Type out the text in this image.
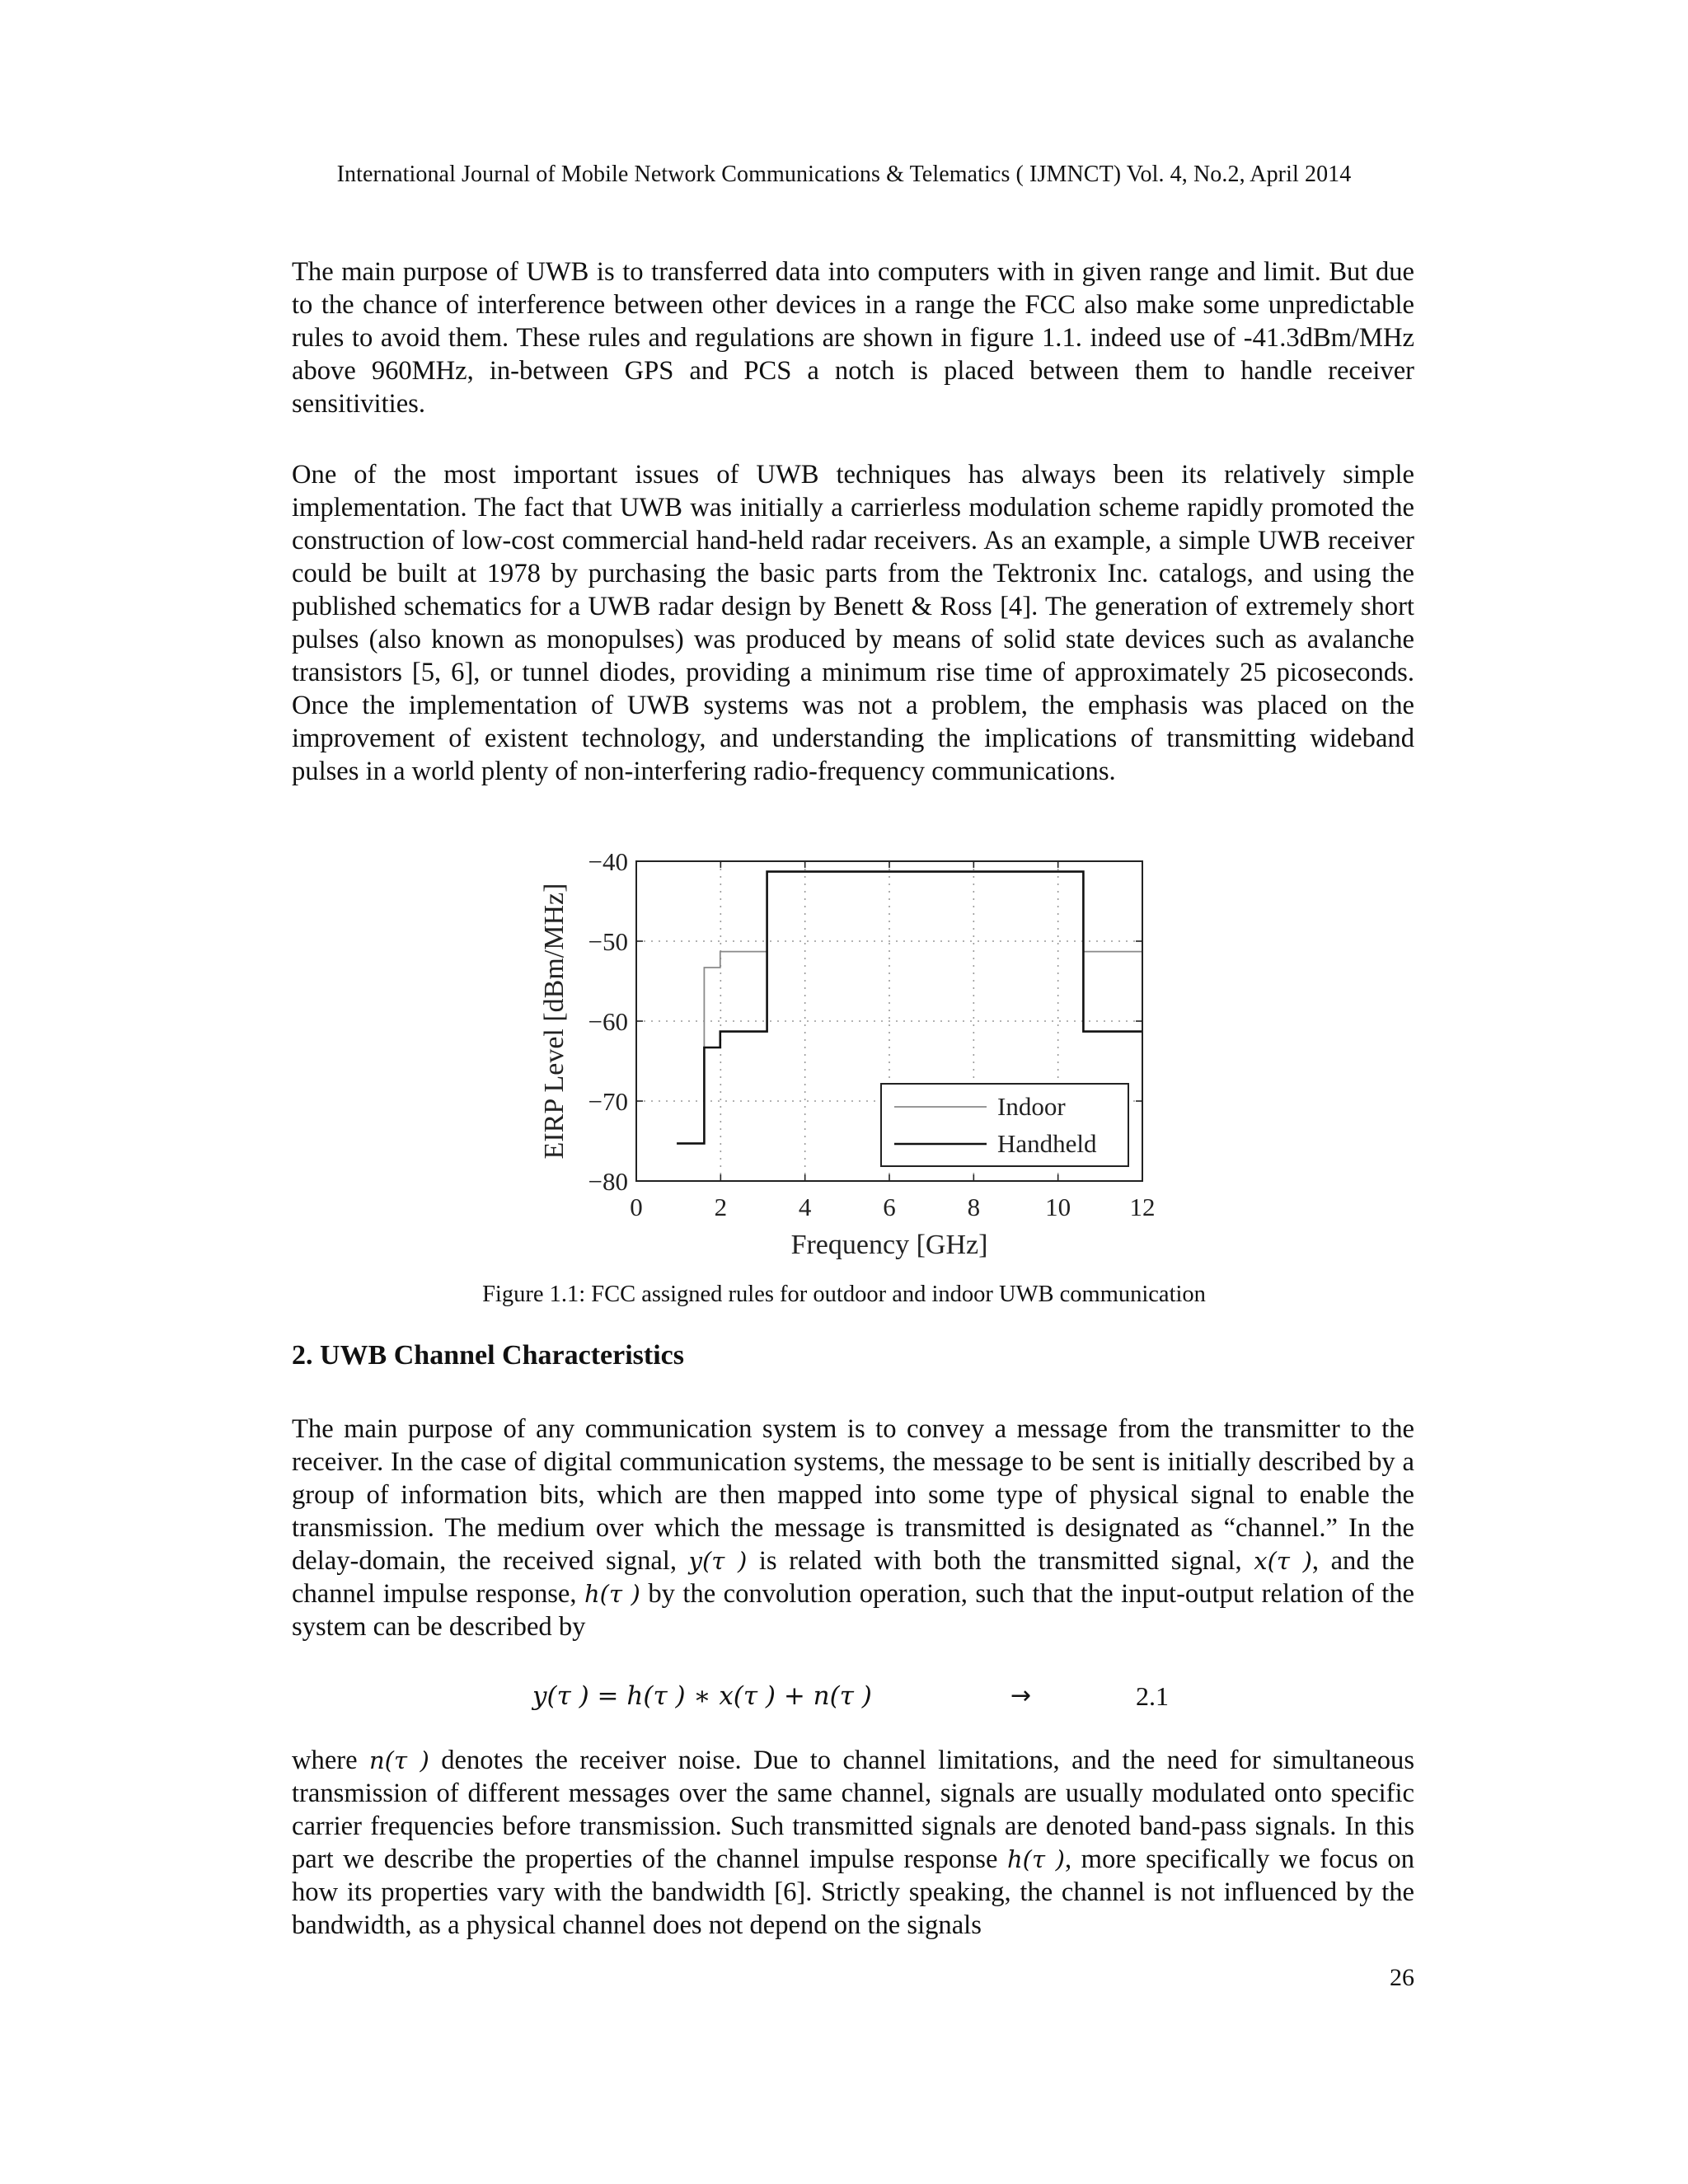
International Journal of Mobile Network Communications & Telematics ( IJMNCT) Vol. 4, No.2, April 2014

The main purpose of UWB is to transferred data into computers with in given range and limit. But due to the chance of interference between other devices in a range the FCC also make some unpredictable rules to avoid them. These rules and regulations are shown in figure 1.1. indeed use of -41.3dBm/MHz above 960MHz, in-between GPS and PCS a notch is placed between them to handle receiver sensitivities.

One of the most important issues of UWB techniques has always been its relatively simple implementation. The fact that UWB was initially a carrierless modulation scheme rapidly promoted the construction of low-cost commercial hand-held radar receivers. As an example, a simple UWB receiver could be built at 1978 by purchasing the basic parts from the Tektronix Inc. catalogs, and using the published schematics for a UWB radar design by Benett & Ross [4]. The generation of extremely short pulses (also known as monopulses) was produced by means of solid state devices such as avalanche transistors [5, 6], or tunnel diodes, providing a minimum rise time of approximately 25 picoseconds. Once the implementation of UWB systems was not a problem, the emphasis was placed on the improvement of existent technology, and understanding the implications of transmitting wideband pulses in a world plenty of non-interfering radio-frequency communications.

0	2	4	6	8	10 12
−40
−50
−60
−70
−80
Indoor
Handheld
Frequency [GHz]
EIRP Level [dBm/MHz]
Figure 1.1: FCC assigned rules for outdoor and indoor UWB communication
2. UWB Channel Characteristics

The main purpose of any communication system is to convey a message from the transmitter to the receiver. In the case of digital communication systems, the message to be sent is initially described by a group of information bits, which are then mapped into some type of physical signal to enable the transmission. The medium over which the message is transmitted is designated as “channel.” In the delay-domain, the received signal, y(τ ) is related with both the transmitted signal, x(τ ), and the channel impulse response, h(τ ) by the convolution operation, such that the input-output relation of the system can be described by

y(τ ) = h(τ ) ∗ x(τ ) + n(τ )	→	2.1

where n(τ ) denotes the receiver noise. Due to channel limitations, and the need for simultaneous transmission of different messages over the same channel, signals are usually modulated onto specific carrier frequencies before transmission. Such transmitted signals are denoted band-pass signals. In this part we describe the properties of the channel impulse response h(τ ), more specifically we focus on how its properties vary with the bandwidth [6]. Strictly speaking, the channel is not influenced by the bandwidth, as a physical channel does not depend on the signals

26
